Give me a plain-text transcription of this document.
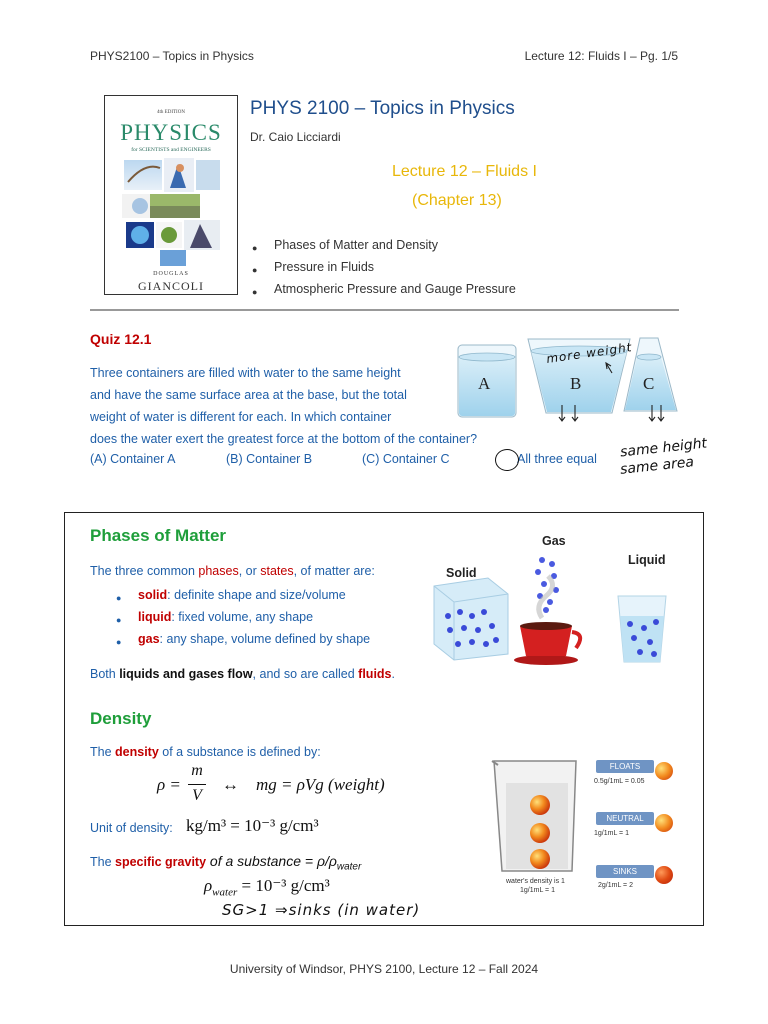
PHYS2100 – Topics in Physics	Lecture 12: Fluids I – Pg. 1/5
4th EDITION
PHYSICS
for SCIENTISTS and ENGINEERS
DOUGLAS
GIANCOLI
PHYS 2100 – Topics in Physics
Dr. Caio Licciardi
Lecture 12 – Fluids I
(Chapter 13)
● Phases of Matter and Density
● Pressure in Fluids
● Atmospheric Pressure and Gauge Pressure
Quiz 12.1
Three containers are filled with water to the same height
and have the same surface area at the base, but the total
weight of water is different for each. In which container
does the water exert the greatest force at the bottom of the container?
(A) Container A	(B) Container B	(C) Container C	All three equal
A	B	C
more weight
same height
same area
Phases of Matter
The three common phases, or states, of matter are:
● solid: definite shape and size/volume
● liquid: fixed volume, any shape
● gas: any shape, volume defined by shape
Both liquids and gases flow, and so are called fluids.
Solid
Gas
Liquid
Density
The density of a substance is defined by:
ρ =
m
V
↔ mg = ρVg (weight)
Unit of density: kg/m³ = 10⁻³ g/cm³
The specific gravity of a substance = $\rho/\rho_{water}$
$\rho_{water} = 10^{-3}$ g/cm³
SG>1 ⇒sinks (in water)
water's density is 1
1g/1mL = 1
FLOATS
0.5g/1mL = 0.05
NEUTRAL
1g/1mL = 1
SINKS
2g/1mL = 2
University of Windsor, PHYS 2100, Lecture 12 – Fall 2024
